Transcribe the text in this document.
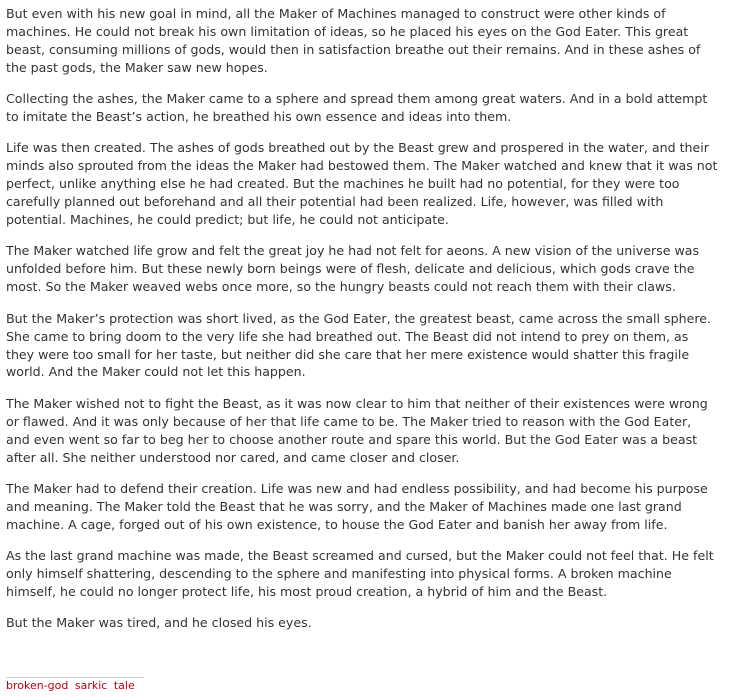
But even with his new goal in mind, all the Maker of Machines managed to construct were other kinds of machines. He could not break his own limitation of ideas, so he placed his eyes on the God Eater. This great beast, consuming millions of gods, would then in satisfaction breathe out their remains. And in these ashes of the past gods, the Maker saw new hopes.

Collecting the ashes, the Maker came to a sphere and spread them among great waters. And in a bold attempt to imitate the Beast’s action, he breathed his own essence and ideas into them.

Life was then created. The ashes of gods breathed out by the Beast grew and prospered in the water, and their minds also sprouted from the ideas the Maker had bestowed them. The Maker watched and knew that it was not perfect, unlike anything else he had created. But the machines he built had no potential, for they were too carefully planned out beforehand and all their potential had been realized. Life, however, was filled with potential. Machines, he could predict; but life, he could not anticipate.

The Maker watched life grow and felt the great joy he had not felt for aeons. A new vision of the universe was unfolded before him. But these newly born beings were of flesh, delicate and delicious, which gods crave the most. So the Maker weaved webs once more, so the hungry beasts could not reach them with their claws.

But the Maker’s protection was short lived, as the God Eater, the greatest beast, came across the small sphere. She came to bring doom to the very life she had breathed out. The Beast did not intend to prey on them, as they were too small for her taste, but neither did she care that her mere existence would shatter this fragile world. And the Maker could not let this happen.

The Maker wished not to fight the Beast, as it was now clear to him that neither of their existences were wrong or flawed. And it was only because of her that life came to be. The Maker tried to reason with the God Eater, and even went so far to beg her to choose another route and spare this world. But the God Eater was a beast after all. She neither understood nor cared, and came closer and closer.

The Maker had to defend their creation. Life was new and had endless possibility, and had become his purpose and meaning. The Maker told the Beast that he was sorry, and the Maker of Machines made one last grand machine. A cage, forged out of his own existence, to house the God Eater and banish her away from life.

As the last grand machine was made, the Beast screamed and cursed, but the Maker could not feel that. He felt only himself shattering, descending to the sphere and manifesting into physical forms. A broken machine himself, he could no longer protect life, his most proud creation, a hybrid of him and the Beast.

But the Maker was tired, and he closed his eyes.

broken-god sarkic tale
